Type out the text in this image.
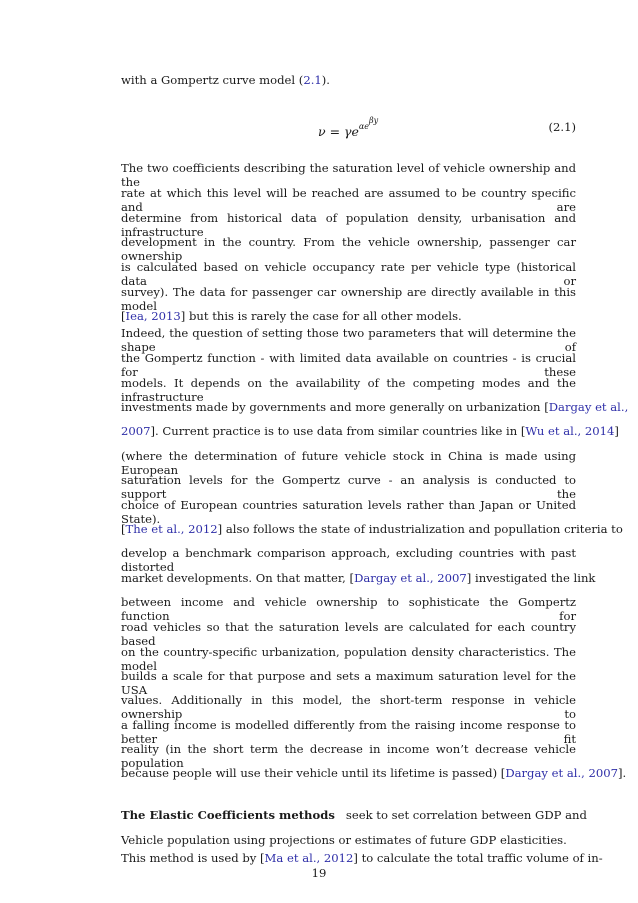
with a Gompertz curve model (2.1).

$\nu = \gamma e^{\alpha e^{\beta y}}$	(2.1)

The two coefficients describing the saturation level of vehicle ownership and the

rate at which this level will be reached are assumed to be country specific and are

determine from historical data of population density, urbanisation and infrastructure

development in the country. From the vehicle ownership, passenger car ownership

is calculated based on vehicle occupancy rate per vehicle type (historical data or

survey). The data for passenger car ownership are directly available in this model

[Iea, 2013] but this is rarely the case for all other models.

Indeed, the question of setting those two parameters that will determine the shape of

the Gompertz function - with limited data available on countries - is crucial for these

models. It depends on the availability of the competing modes and the infrastructure

investments made by governments and more generally on urbanization [Dargay et al.,

2007]. Current practice is to use data from similar countries like in [Wu et al., 2014]

(where the determination of future vehicle stock in China is made using European

saturation levels for the Gompertz curve - an analysis is conducted to support the

choice of European countries saturation levels rather than Japan or United State).

[The et al., 2012] also follows the state of industrialization and popullation criteria to

develop a benchmark comparison approach, excluding countries with past distorted

market developments. On that matter, [Dargay et al., 2007] investigated the link

between income and vehicle ownership to sophisticate the Gompertz function for

road vehicles so that the saturation levels are calculated for each country based

on the country-specific urbanization, population density characteristics. The model

builds a scale for that purpose and sets a maximum saturation level for the USA

values. Additionally in this model, the short-term response in vehicle ownership to

a falling income is modelled differently from the raising income response to better fit

reality (in the short term the decrease in income won’t decrease vehicle population

because people will use their vehicle until its lifetime is passed) [Dargay et al., 2007].

The Elastic Coefficients methods seek to set correlation between GDP and

Vehicle population using projections or estimates of future GDP elasticities.

This method is used by [Ma et al., 2012] to calculate the total traffic volume of in-

19
